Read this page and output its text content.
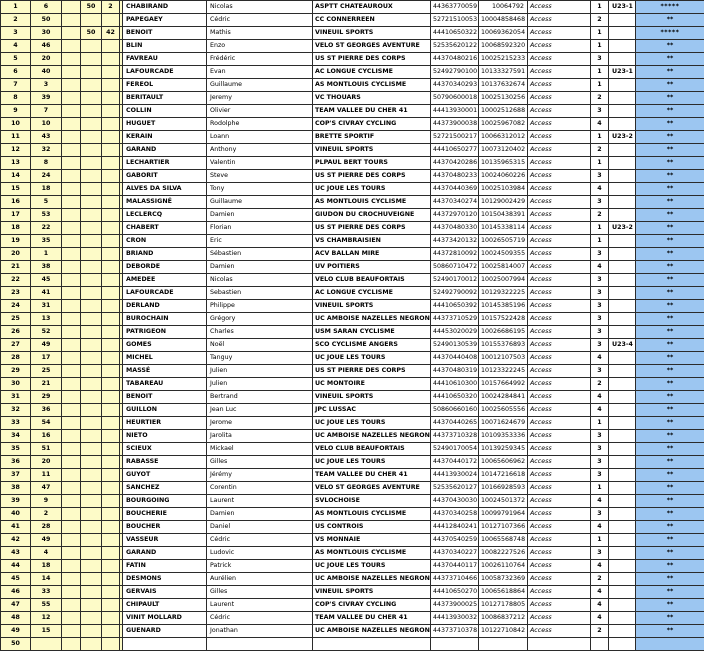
1	6		50	2		CHABIRAND	Nicolas	ASPTT CHATEAUROUX	44363770059	10064792	Access	1	U23-1	*****
2	50					PAPEGAEY	Cédric	CC CONNERREEN	52721510053	10004858468	Access	2		**
3	30		50	42		BENOIT	Mathis	VINEUIL SPORTS	44410650322	10069362054	Access	1		*****
4	46					BLIN	Enzo	VELO ST GEORGES AVENTURE	52535620122	10068592320	Access	1		**
5	20					FAVREAU	Frédéric	US ST PIERRE DES CORPS	44370480216	10025215233	Access	3		**
6	40					LAFOURCADE	Evan	AC LONGUE CYCLISME	52492790100	10133327591	Access	1	U23-1	**
7	3					FEREOL	Guillaume	AS MONTLOUIS CYCLISME	44370340293	10137632674	Access	1		**
8	39					BERITAULT	Jeremy	VC THOUARS	50790600018	10025130256	Access	2		**
9	7					COLLIN	Olivier	TEAM VALLEE DU CHER 41	44413930001	10002512688	Access	3		**
10	10					HUGUET	Rodolphe	COP'S CIVRAY CYCLING	44373900038	10025967082	Access	4		**
11	43					KERAIN	Loann	BRETTE SPORTIF	52721500217	10066312012	Access	1	U23-2	**
12	32					GARAND	Anthony	VINEUIL SPORTS	44410650277	10073120402	Access	2		**
13	8					LECHARTIER	Valentin	PLPAUL BERT TOURS	44370420286	10135965315	Access	1		**
14	24					GABORIT	Steve	US ST PIERRE DES CORPS	44370480233	10024060226	Access	3		**
15	18					ALVES DA SILVA	Tony	UC JOUE LES TOURS	44370440369	10025103984	Access	4		**
16	5					MALASSIGNÉ	Guillaume	AS MONTLOUIS CYCLISME	44370340274	10129002429	Access	3		**
17	53					LECLERCQ	Damien	GIUDON DU CROCHUVEIGNE	44372970120	10150438391	Access	2		**
18	22					CHABERT	Florian	US ST PIERRE DES CORPS	44370480330	10145338114	Access	1	U23-2	**
19	35					CRON	Eric	VS CHAMBRAISIEN	44373420132	10026505719	Access	1		**
20	1					BRIAND	Sébastien	ACV BALLAN MIRE	44372810092	10024509355	Access	3		**
21	38					DEBORDE	Damien	UV POITIERS	50860710472	10025814007	Access	4		**
22	45					AMEDEE	Nicolas	VELO CLUB BEAUFORTAIS	52490170012	10025007994	Access	3		**
23	41					LAFOURCADE	Sebastien	AC LONGUE CYCLISME	52492790092	10129322225	Access	3		**
24	31					DERLAND	Philippe	VINEUIL SPORTS	44410650392	10145385196	Access	3		**
25	13					BUROCHAIN	Grégory	UC AMBOISE NAZELLES NEGRON	44373710529	10157522428	Access	3		**
26	52					PATRIGEON	Charles	USM SARAN CYCLISME	44453020029	10026686195	Access	3		**
27	49					GOMES	Noël	SCO CYCLISME ANGERS	52490130539	10155376893	Access	3	U23-4	**
28	17					MICHEL	Tanguy	UC JOUE LES TOURS	44370440408	10012107503	Access	4		**
29	25					MASSÉ	Julien	US ST PIERRE DES CORPS	44370480319	10123322245	Access	3		**
30	21					TABAREAU	Julien	UC MONTOIRE	44410610300	10157664992	Access	2		**
31	29					BENOIT	Bertrand	VINEUIL SPORTS	44410650320	10024284841	Access	4		**
32	36					GUILLON	Jean Luc	JPC LUSSAC	50860660160	10025605556	Access	4		**
33	54					HEURTIER	Jerome	UC JOUE LES TOURS	44370440265	10071624679	Access	1		**
34	16					NIETO	Jarolita	UC AMBOISE NAZELLES NEGRON	44373710328	10109353336	Access	3		**
35	51					SCIEUX	Mickael	VELO CLUB BEAUFORTAIS	52490170054	10139259345	Access	3		**
36	20					RABASSE	Gilles	UC JOUE LES TOURS	44370440172	10065606962	Access	3		**
37	11					GUYOT	Jérémy	TEAM VALLEE DU CHER 41	44413930024	10147216618	Access	3		**
38	47					SANCHEZ	Corentin	VELO ST GEORGES AVENTURE	52535620127	10166928593	Access	1		**
39	9					BOURGOING	Laurent	SVLOCHOISE	44370430030	10024501372	Access	4		**
40	2					BOUCHERIE	Damien	AS MONTLOUIS CYCLISME	44370340258	10099791964	Access	3		**
41	28					BOUCHER	Daniel	US CONTROIS	44412840241	10127107366	Access	4		**
42	49					VASSEUR	Cédric	VS MONNAIE	44370540259	10065568748	Access	1		**
43	4					GARAND	Ludovic	AS MONTLOUIS CYCLISME	44370340227	10082227526	Access	3		**
44	18					FATIN	Patrick	UC JOUE LES TOURS	44370440117	10026110764	Access	4		**
45	14					DESMONS	Aurélien	UC AMBOISE NAZELLES NEGRON	44373710466	10058732369	Access	2		**
46	33					GERVAIS	Gilles	VINEUIL SPORTS	44410650270	10065618864	Access	4		**
47	55					CHIPAULT	Laurent	COP'S CIVRAY CYCLING	44373900025	10127178805	Access	4		**
48	12					VINIT MOLLARD	Cédric	TEAM VALLEE DU CHER 41	44413930032	10086837212	Access	4		**
49	15					GUENARD	Jonathan	UC AMBOISE NAZELLES NEGRON	44373710378	10122710842	Access	2		**
50														
